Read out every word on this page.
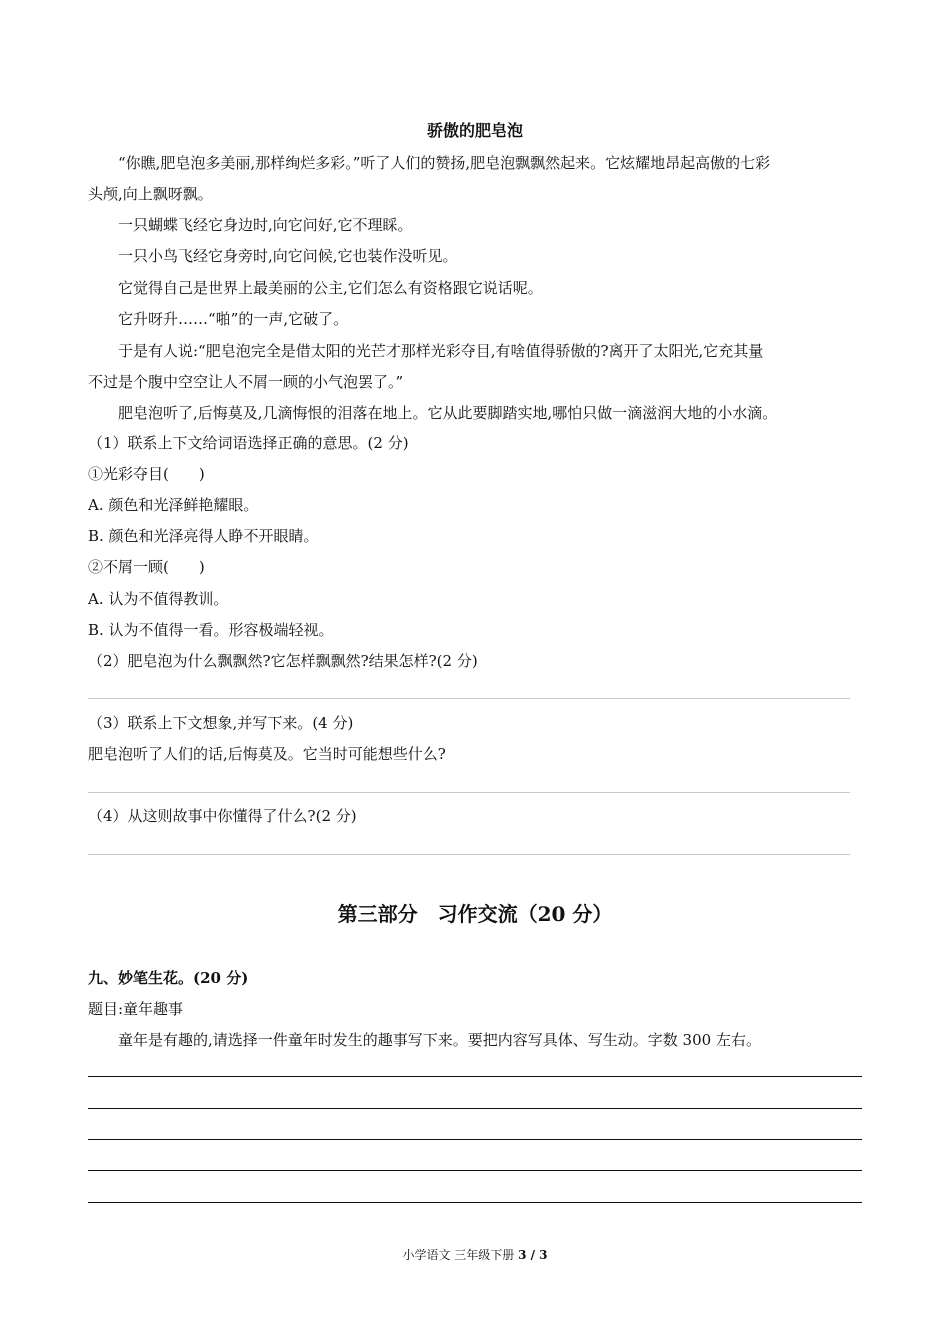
骄傲的肥皂泡
“你瞧,肥皂泡多美丽,那样绚烂多彩。”听了人们的赞扬,肥皂泡飘飘然起来。它炫耀地昂起高傲的七彩
头颅,向上飘呀飘。
一只蝴蝶飞经它身边时,向它问好,它不理睬。
一只小鸟飞经它身旁时,向它问候,它也装作没听见。
它觉得自己是世界上最美丽的公主,它们怎么有资格跟它说话呢。
它升呀升……“啪”的一声,它破了。
于是有人说:“肥皂泡完全是借太阳的光芒才那样光彩夺目,有啥值得骄傲的?离开了太阳光,它充其量
不过是个腹中空空让人不屑一顾的小气泡罢了。”
肥皂泡听了,后悔莫及,几滴悔恨的泪落在地上。它从此要脚踏实地,哪怕只做一滴滋润大地的小水滴。
（1）联系上下文给词语选择正确的意思。(2 分)
①光彩夺目(　　)
A. 颜色和光泽鲜艳耀眼。
B. 颜色和光泽亮得人睁不开眼睛。
②不屑一顾(　　)
A. 认为不值得教训。
B. 认为不值得一看。形容极端轻视。
（2）肥皂泡为什么飘飘然?它怎样飘飘然?结果怎样?(2 分)
（3）联系上下文想象,并写下来。(4 分)
肥皂泡听了人们的话,后悔莫及。它当时可能想些什么?
（4）从这则故事中你懂得了什么?(2 分)
第三部分　习作交流（20 分）
九、妙笔生花。(20 分)
题目:童年趣事
童年是有趣的,请选择一件童年时发生的趣事写下来。要把内容写具体、写生动。字数 300 左右。
小学语文 三年级下册 3 / 3
